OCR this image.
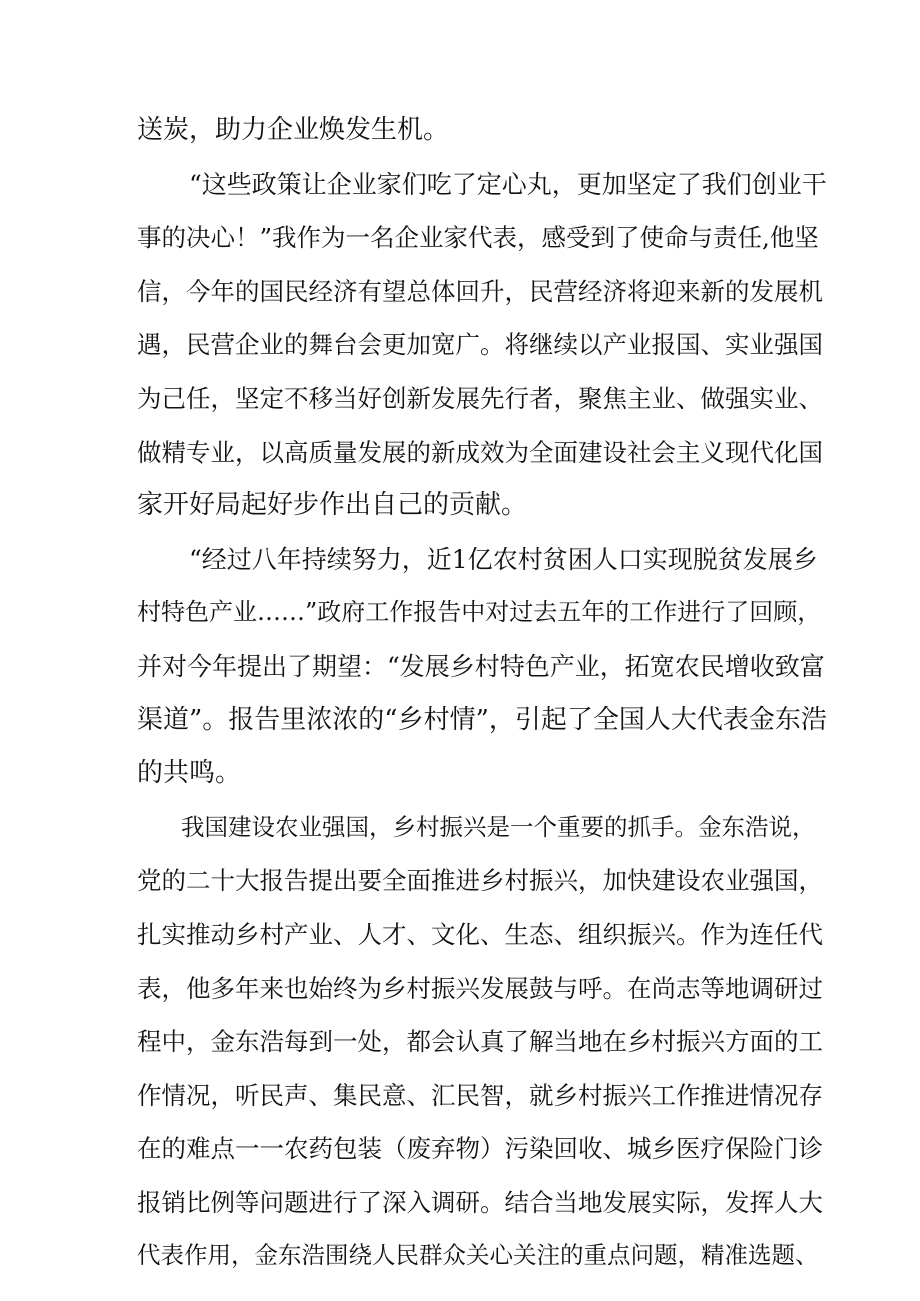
送炭，助力企业焕发生机。
“这些政策让企业家们吃了定心丸，更加坚定了我们创业干
事的决心！”我作为一名企业家代表，感受到了使命与责任,他坚
信，今年的国民经济有望总体回升，民营经济将迎来新的发展机
遇，民营企业的舞台会更加宽广。将继续以产业报国、实业强国
为己任，坚定不移当好创新发展先行者，聚焦主业、做强实业、
做精专业，以高质量发展的新成效为全面建设社会主义现代化国
家开好局起好步作出自己的贡献。
“经过八年持续努力，近1亿农村贫困人口实现脱贫发展乡
村特色产业……”政府工作报告中对过去五年的工作进行了回顾，
并对今年提出了期望：“发展乡村特色产业，拓宽农民增收致富
渠道”。报告里浓浓的“乡村情”，引起了全国人大代表金东浩
的共鸣。
我国建设农业强国，乡村振兴是一个重要的抓手。金东浩说，
党的二十大报告提出要全面推进乡村振兴，加快建设农业强国，
扎实推动乡村产业、人才、文化、生态、组织振兴。作为连任代
表，他多年来也始终为乡村振兴发展鼓与呼。在尚志等地调研过
程中，金东浩每到一处，都会认真了解当地在乡村振兴方面的工
作情况，听民声、集民意、汇民智，就乡村振兴工作推进情况存
在的难点一一农药包装（废弃物）污染回收、城乡医疗保险门诊
报销比例等问题进行了深入调研。结合当地发展实际，发挥人大
代表作用，金东浩围绕人民群众关心关注的重点问题，精准选题、
